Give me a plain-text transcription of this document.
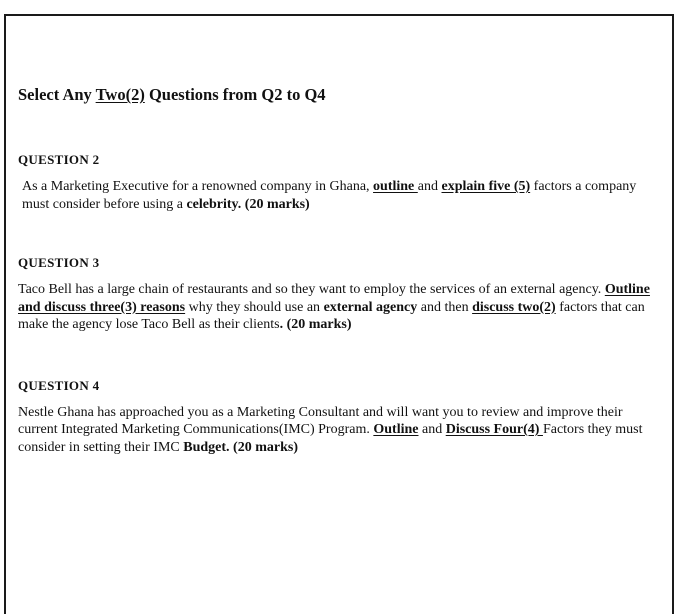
Select Any Two(2) Questions from Q2 to Q4

QUESTION 2

As a Marketing Executive for a renowned company in Ghana, outline and explain five (5) factors a company must consider before using a celebrity. (20 marks)

QUESTION 3

Taco Bell has a large chain of restaurants and so they want to employ the services of an external agency. Outline and discuss three(3) reasons why they should use an external agency and then discuss two(2) factors that can make the agency lose Taco Bell as their clients. (20 marks)

QUESTION 4

Nestle Ghana has approached you as a Marketing Consultant and will want you to review and improve their current Integrated Marketing Communications(IMC) Program. Outline and Discuss Four(4) Factors they must consider in setting their IMC Budget. (20 marks)
